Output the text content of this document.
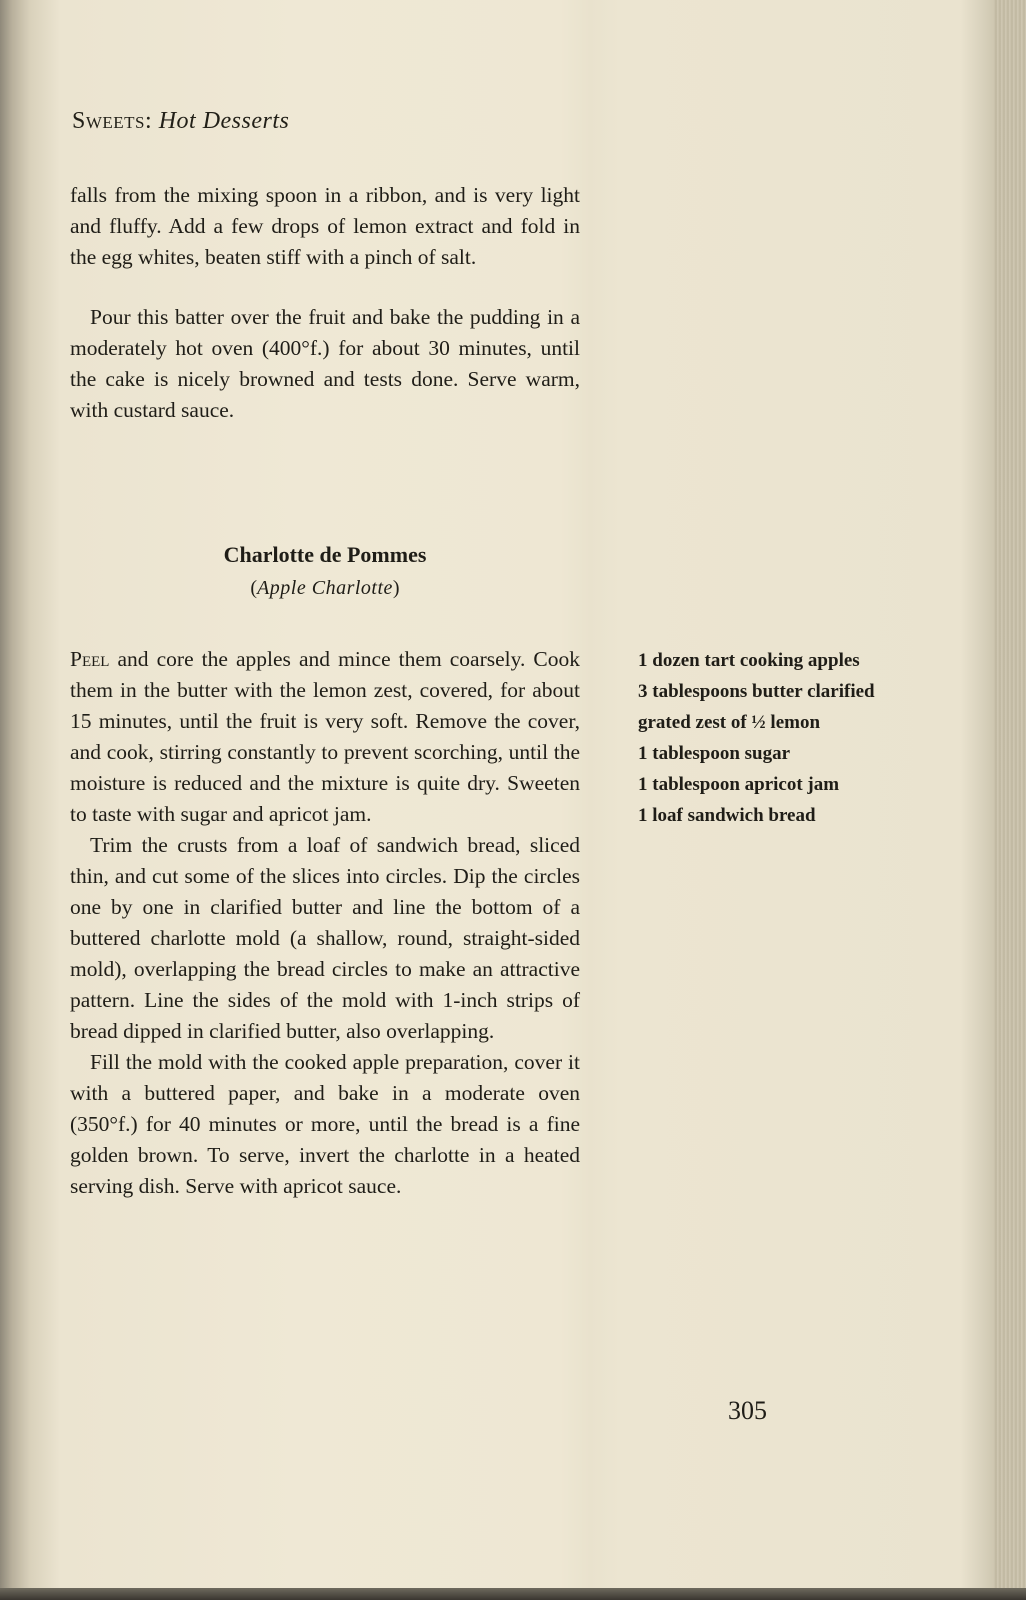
Sweets: Hot Desserts

falls from the mixing spoon in a ribbon, and is very light and fluffy. Add a few drops of lemon extract and fold in the egg whites, beaten stiff with a pinch of salt.

Pour this batter over the fruit and bake the pudding in a moderately hot oven (400°f.) for about 30 minutes, until the cake is nicely browned and tests done. Serve warm, with custard sauce.

Charlotte de Pommes
(Apple Charlotte)

Peel and core the apples and mince them coarsely. Cook them in the butter with the lemon zest, covered, for about 15 minutes, until the fruit is very soft. Remove the cover, and cook, stirring constantly to prevent scorching, until the moisture is reduced and the mixture is quite dry. Sweeten to taste with sugar and apricot jam.

Trim the crusts from a loaf of sandwich bread, sliced thin, and cut some of the slices into circles. Dip the circles one by one in clarified butter and line the bottom of a buttered charlotte mold (a shallow, round, straight-sided mold), overlapping the bread circles to make an attractive pattern. Line the sides of the mold with 1-inch strips of bread dipped in clarified butter, also overlapping.

Fill the mold with the cooked apple preparation, cover it with a buttered paper, and bake in a moderate oven (350°f.) for 40 minutes or more, until the bread is a fine golden brown. To serve, invert the charlotte in a heated serving dish. Serve with apricot sauce.

1 dozen tart cooking apples
3 tablespoons butter clarified
grated zest of ½ lemon
1 tablespoon sugar
1 tablespoon apricot jam
1 loaf sandwich bread
305
